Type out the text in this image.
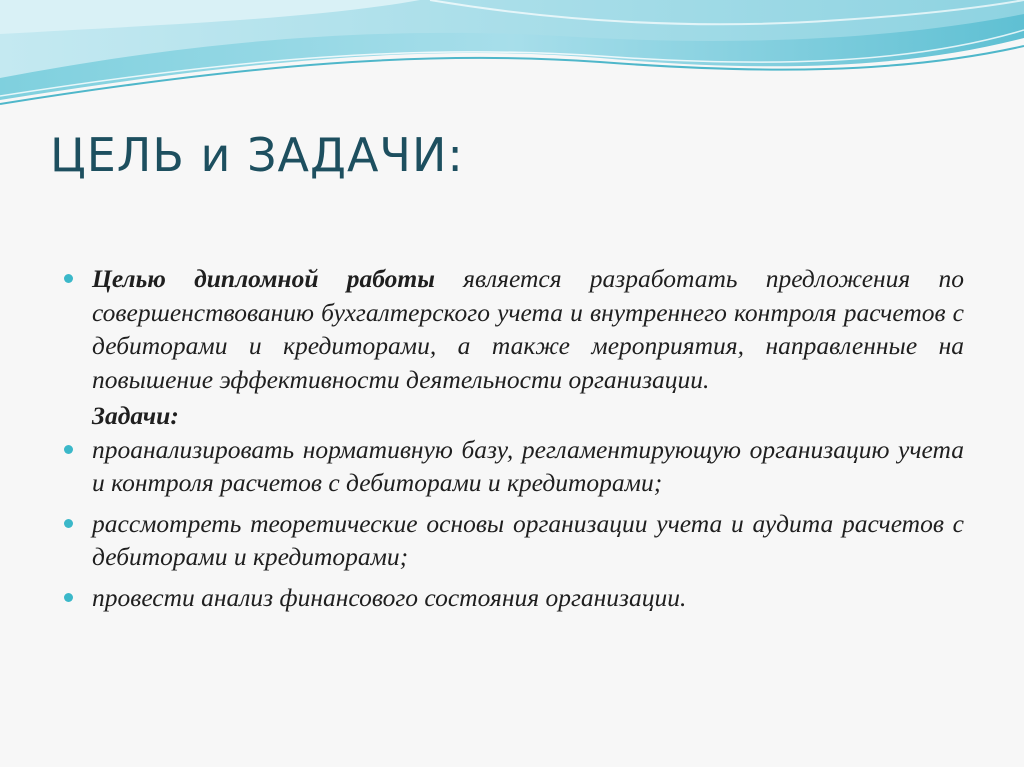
ЦЕЛЬ и ЗАДАЧИ:
Целью дипломной работы является разработать предложения по совершенствованию бухгалтерского учета и внутреннего контроля расчетов с дебиторами и кредиторами, а также мероприятия, направленные на повышение эффективности деятельности организации.
Задачи:
проанализировать нормативную базу, регламентирующую организацию учета и контроля расчетов с дебиторами и кредиторами;
рассмотреть теоретические основы организации учета и аудита расчетов с дебиторами и кредиторами;
провести анализ финансового состояния организации.
